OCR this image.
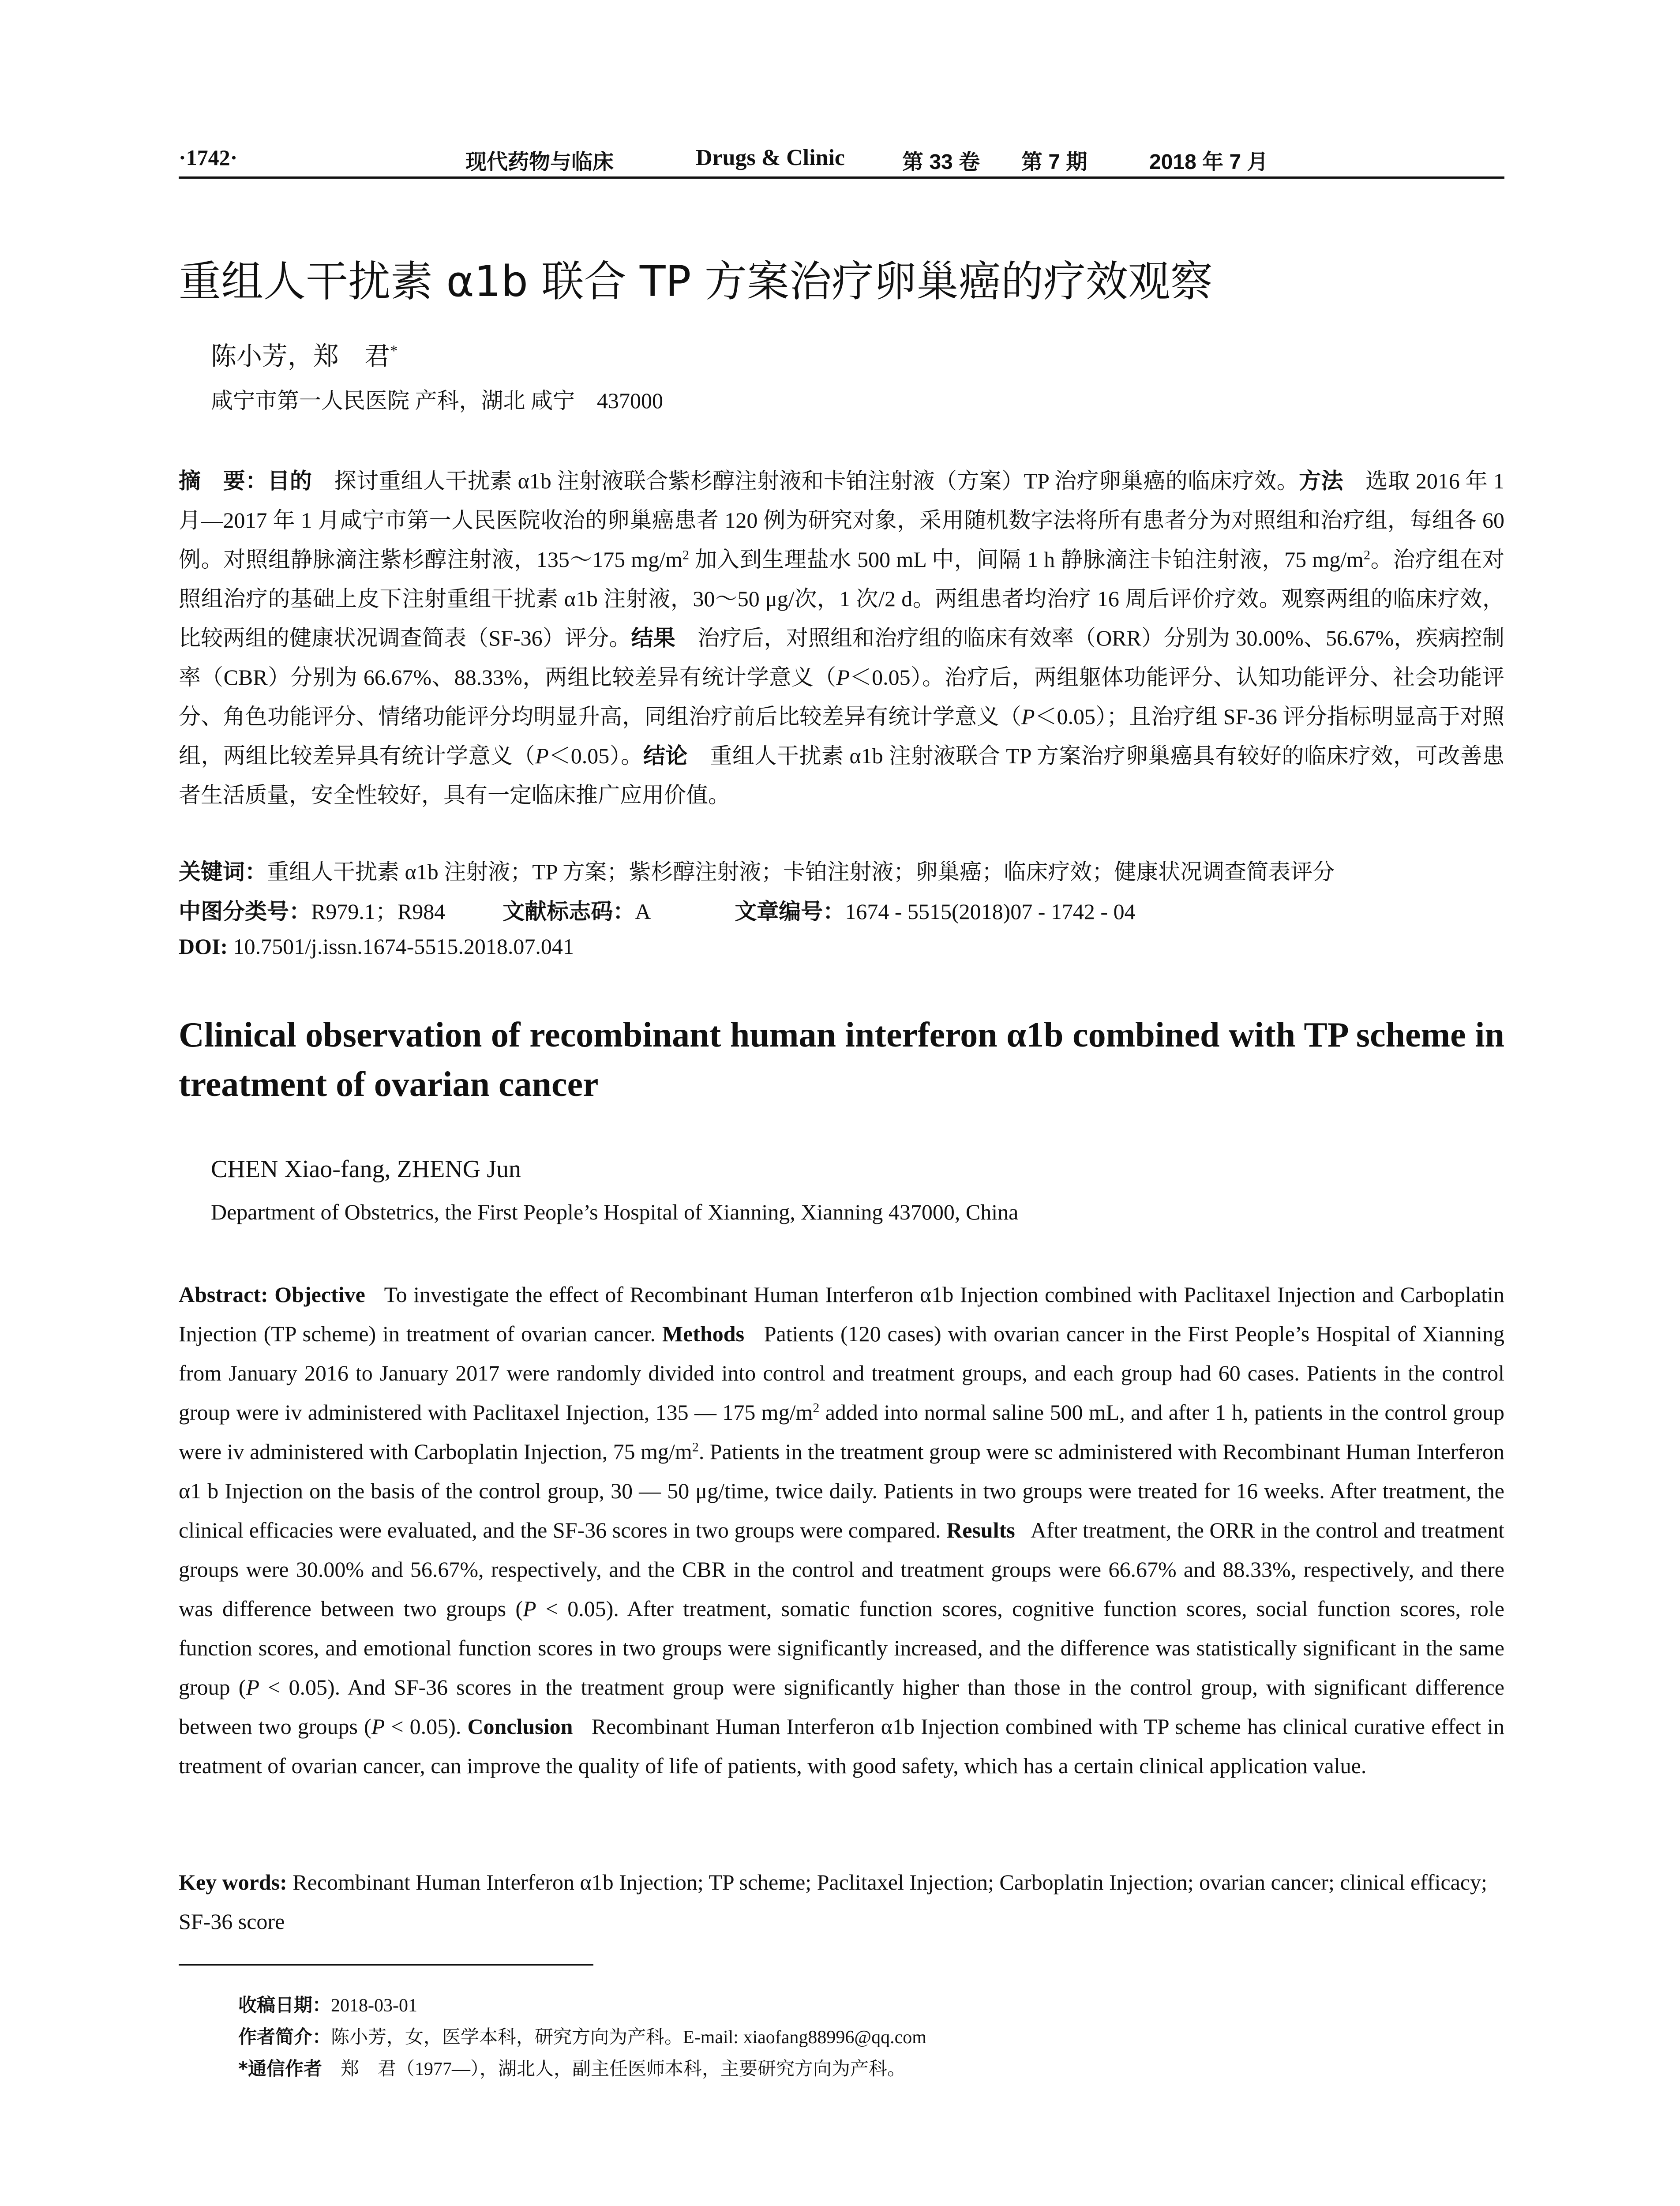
·1742·	现代药物与临床	Drugs & Clinic	第 33 卷 第 7 期	2018 年 7 月
重组人干扰素 α1b 联合 TP 方案治疗卵巢癌的疗效观察
陈小芳，郑　君*
咸宁市第一人民医院 产科，湖北 咸宁　437000
摘　要：目的　 探讨重组人干扰素 α1b 注射液联合紫杉醇注射液和卡铂注射液（方案）TP 治疗卵巢癌的临床疗效。方法　 选取 2016 年 1 月—2017 年 1 月咸宁市第一人民医院收治的卵巢癌患者 120 例为研究对象，采用随机数字法将所有患者分为对照组和治疗组，每组各 60 例。对照组静脉滴注紫杉醇注射液，135～175 $mg/m^2$ 加入到生理盐水 500 mL 中，间隔 1 h 静脉滴注卡铂注射液，75 $mg/m^2$。治疗组在对照组治疗的基础上皮下注射重组干扰素 α1b 注射液，30～50 μg/次，1 次/2 d。两组患者均治疗 16 周后评价疗效。观察两组的临床疗效，比较两组的健康状况调查简表（SF-36）评分。结果　 治疗后，对照组和治疗组的临床有效率（ORR）分别为 30.00%、56.67%，疾病控制率（CBR）分别为 66.67%、88.33%，两组比较差异有统计学意义（P＜0.05）。治疗后，两组躯体功能评分、认知功能评分、社会功能评分、角色功能评分、情绪功能评分均明显升高，同组治疗前后比较差异有统计学意义（P＜0.05）；且治疗组 SF-36 评分指标明显高于对照组，两组比较差异具有统计学意义（P＜0.05）。结论　 重组人干扰素 α1b 注射液联合 TP 方案治疗卵巢癌具有较好的临床疗效，可改善患者生活质量，安全性较好，具有一定临床推广应用价值。
关键词：重组人干扰素 α1b 注射液；TP 方案；紫杉醇注射液；卡铂注射液；卵巢癌；临床疗效；健康状况调查简表评分
中图分类号：R979.1；R984	文献标志码：A	文章编号：1674 - 5515(2018)07 - 1742 - 04
DOI: 10.7501/j.issn.1674-5515.2018.07.041
Clinical observation of recombinant human interferon α1b combined with TP scheme in treatment of ovarian cancer
CHEN Xiao-fang, ZHENG Jun
Department of Obstetrics, the First People’s Hospital of Xianning, Xianning 437000, China
Abstract: Objective To investigate the effect of Recombinant Human Interferon α1b Injection combined with Paclitaxel Injection and Carboplatin Injection (TP scheme) in treatment of ovarian cancer. Methods Patients (120 cases) with ovarian cancer in the First People’s Hospital of Xianning from January 2016 to January 2017 were randomly divided into control and treatment groups, and each group had 60 cases. Patients in the control group were iv administered with Paclitaxel Injection, 135 — 175 $mg/m^2$ added into normal saline 500 mL, and after 1 h, patients in the control group were iv administered with Carboplatin Injection, 75 $mg/m^2$. Patients in the treatment group were sc administered with Recombinant Human Interferon α1 b Injection on the basis of the control group, 30 — 50 μg/time, twice daily. Patients in two groups were treated for 16 weeks. After treatment, the clinical efficacies were evaluated, and the SF-36 scores in two groups were compared. Results After treatment, the ORR in the control and treatment groups were 30.00% and 56.67%, respectively, and the CBR in the control and treatment groups were 66.67% and 88.33%, respectively, and there was difference between two groups (P < 0.05). After treatment, somatic function scores, cognitive function scores, social function scores, role function scores, and emotional function scores in two groups were significantly increased, and the difference was statistically significant in the same group (P < 0.05). And SF-36 scores in the treatment group were significantly higher than those in the control group, with significant difference between two groups (P < 0.05). Conclusion Recombinant Human Interferon α1b Injection combined with TP scheme has clinical curative effect in treatment of ovarian cancer, can improve the quality of life of patients, with good safety, which has a certain clinical application value.
Key words: Recombinant Human Interferon α1b Injection; TP scheme; Paclitaxel Injection; Carboplatin Injection; ovarian cancer; clinical efficacy; SF-36 score
收稿日期：2018-03-01
作者简介：陈小芳，女，医学本科，研究方向为产科。E-mail: xiaofang88996@qq.com
*通信作者　 郑　君（1977—），湖北人，副主任医师本科，主要研究方向为产科。
